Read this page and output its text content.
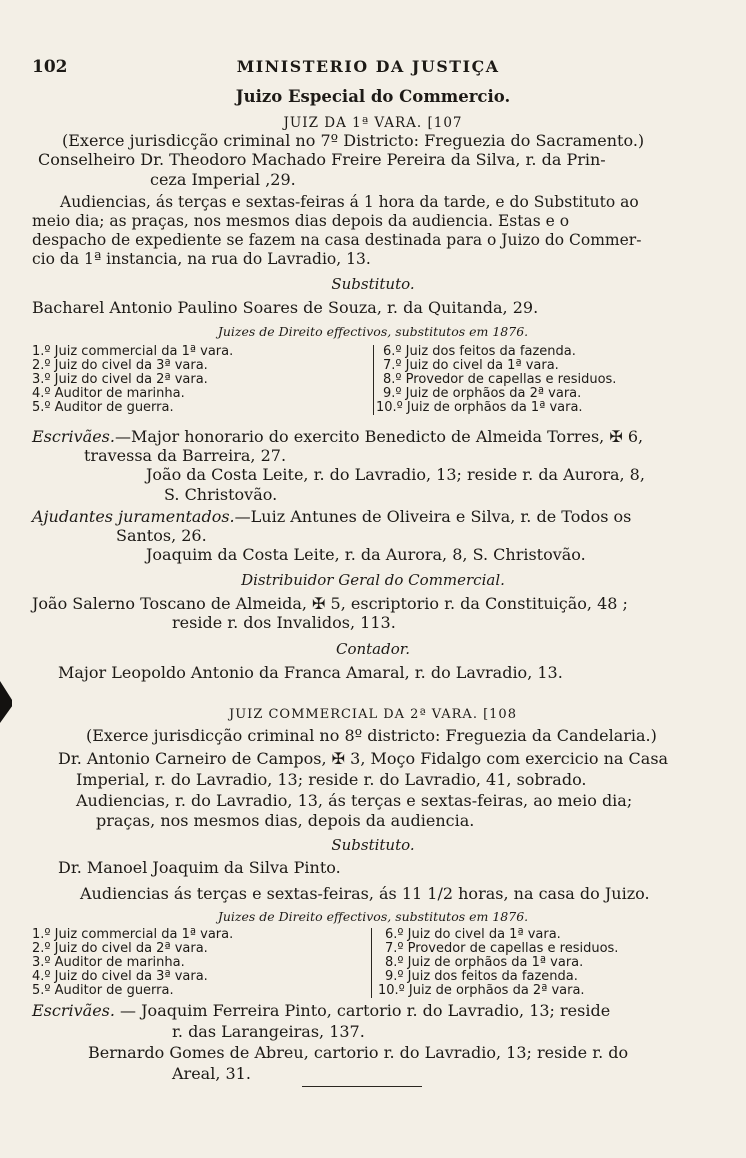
102	MINISTERIO DA JUSTIÇA
Juizo Especial do Commercio.
JUIZ DA 1ª VARA. [107
(Exerce jurisdicção criminal no 7º Districto: Freguezia do Sacramento.)
Conselheiro Dr. Theodoro Machado Freire Pereira da Silva, r. da Prin-
ceza Imperial ,29.
Audiencias, ás terças e sextas-feiras á 1 hora da tarde, e do Substituto ao
meio dia; as praças, nos mesmos dias depois da audiencia. Estas e o
despacho de expediente se fazem na casa destinada para o Juizo do Commer-
cio da 1ª instancia, na rua do Lavradio, 13.
Substituto.
Bacharel Antonio Paulino Soares de Souza, r. da Quitanda, 29.
Juizes de Direito effectivos, substitutos em 1876.
1.º Juiz commercial da 1ª vara.
2.º Juiz do civel da 3ª vara.
3.º Juiz do civel da 2ª vara.
4.º Auditor de marinha.
5.º Auditor de guerra.
6.º Juiz dos feitos da fazenda.
7.º Juiz do civel da 1ª vara.
8.º Provedor de capellas e residuos.
9.º Juiz de orphãos da 2ª vara.
10.º Juiz de orphãos da 1ª vara.
Escrivães.—Major honorario do exercito Benedicto de Almeida Torres, ✠ 6,
travessa da Barreira, 27.
João da Costa Leite, r. do Lavradio, 13; reside r. da Aurora, 8,
S. Christovão.
Ajudantes juramentados.—Luiz Antunes de Oliveira e Silva, r. de Todos os
Santos, 26.
Joaquim da Costa Leite, r. da Aurora, 8, S. Christovão.
Distribuidor Geral do Commercial.
João Salerno Toscano de Almeida, ✠ 5, escriptorio r. da Constituição, 48 ;
reside r. dos Invalidos, 113.
Contador.
Major Leopoldo Antonio da Franca Amaral, r. do Lavradio, 13.
JUIZ COMMERCIAL DA 2ª VARA. [108
(Exerce jurisdicção criminal no 8º districto: Freguezia da Candelaria.)
Dr. Antonio Carneiro de Campos, ✠ 3, Moço Fidalgo com exercicio na Casa
Imperial, r. do Lavradio, 13; reside r. do Lavradio, 41, sobrado.
Audiencias, r. do Lavradio, 13, ás terças e sextas-feiras, ao meio dia;
praças, nos mesmos dias, depois da audiencia.
Substituto.
Dr. Manoel Joaquim da Silva Pinto.
Audiencias ás terças e sextas-feiras, ás 11 1/2 horas, na casa do Juizo.
Juizes de Direito effectivos, substitutos em 1876.
1.º Juiz commercial da 1ª vara.
2.º Juiz do civel da 2ª vara.
3.º Auditor de marinha.
4.º Juiz do civel da 3ª vara.
5.º Auditor de guerra.
6.º Juiz do civel da 1ª vara.
7.º Provedor de capellas e residuos.
8.º Juiz de orphãos da 1ª vara.
9.º Juiz dos feitos da fazenda.
10.º Juiz de orphãos da 2ª vara.
Escrivães. — Joaquim Ferreira Pinto, cartorio r. do Lavradio, 13; reside
r. das Larangeiras, 137.
Bernardo Gomes de Abreu, cartorio r. do Lavradio, 13; reside r. do
Areal, 31.
